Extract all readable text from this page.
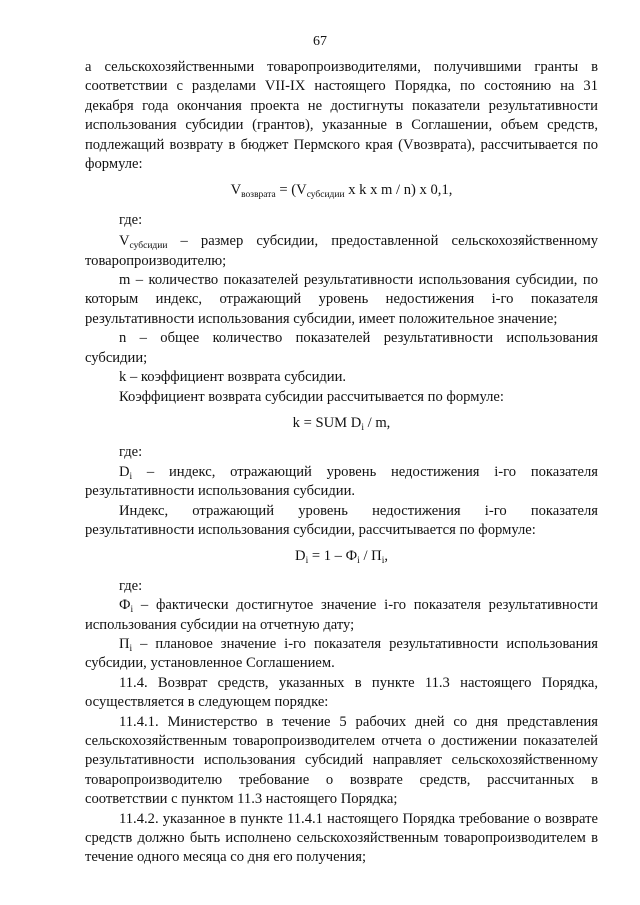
67

а сельскохозяйственными товаропроизводителями, получившими гранты в соответствии с разделами VII-IX настоящего Порядка, по состоянию на 31 декабря года окончания проекта не достигнуты показатели результативности использования субсидии (грантов), указанные в Соглашении, объем средств, подлежащий возврату в бюджет Пермского края (Vвозврата), рассчитывается по формуле:

$V_{возврата} = (V_{субсидии}$ x k x m / n) x 0,1,

где:

$V_{субсидии}$ – размер субсидии, предоставленной сельскохозяйственному товаропроизводителю;

m – количество показателей результативности использования субсидии, по которым индекс, отражающий уровень недостижения i-го показателя результативности использования субсидии, имеет положительное значение;

n – общее количество показателей результативности использования субсидии;

k – коэффициент возврата субсидии.

Коэффициент возврата субсидии рассчитывается по формуле:

k = SUM $D_i$ / m,

где:

$D_i$ – индекс, отражающий уровень недостижения i-го показателя результативности использования субсидии.

Индекс, отражающий уровень недостижения i-го показателя результативности использования субсидии, рассчитывается по формуле:

$D_i = 1 - Ф_i / П_i$,

где:

$Ф_i$ – фактически достигнутое значение i-го показателя результативности использования субсидии на отчетную дату;

$П_i$ – плановое значение i-го показателя результативности использования субсидии, установленное Соглашением.

11.4. Возврат средств, указанных в пункте 11.3 настоящего Порядка, осуществляется в следующем порядке:

11.4.1. Министерство в течение 5 рабочих дней со дня представления сельскохозяйственным товаропроизводителем отчета о достижении показателей результативности использования субсидий направляет сельскохозяйственному товаропроизводителю требование о возврате средств, рассчитанных в соответствии с пунктом 11.3 настоящего Порядка;

11.4.2. указанное в пункте 11.4.1 настоящего Порядка требование о возврате средств должно быть исполнено сельскохозяйственным товаропроизводителем в течение одного месяца со дня его получения;
